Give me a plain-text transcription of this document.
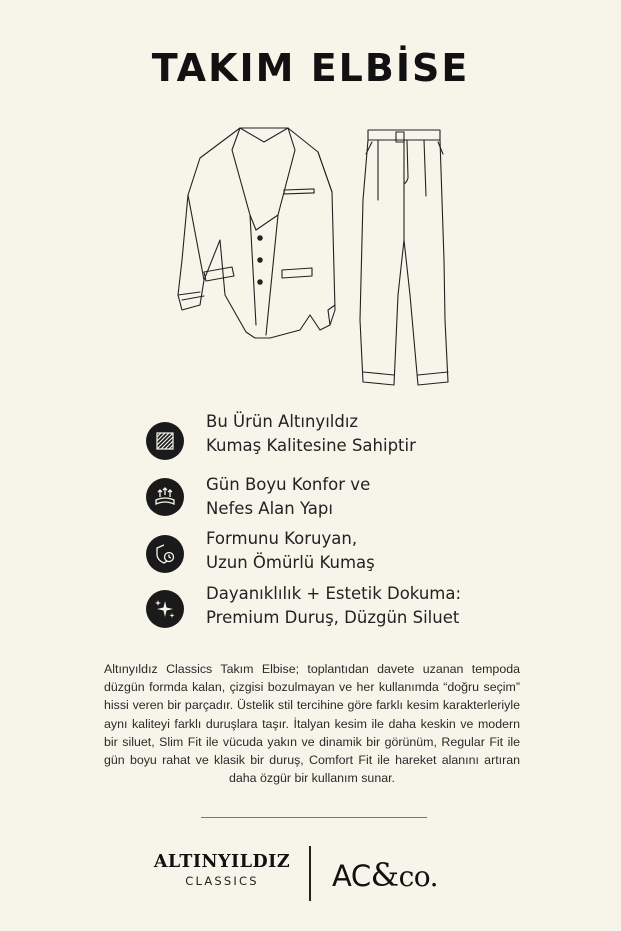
TAKIM ELBİSE
Bu Ürün Altınyıldız
Kumaş Kalitesine Sahiptir
Gün Boyu Konfor ve
Nefes Alan Yapı
Formunu Koruyan,
Uzun Ömürlü Kumaş
Dayanıklılık + Estetik Dokuma:
Premium Duruş, Düzgün Siluet
Altınyıldız Classics Takım Elbise; toplantıdan davete uzanan tempoda düzgün formda kalan, çizgisi bozulmayan ve her kullanımda “doğru seçim” hissi veren bir parçadır. Üstelik stil tercihine göre farklı kesim karakterleriyle aynı kaliteyi farklı duruşlara taşır. İtalyan kesim ile daha keskin ve modern bir siluet, Slim Fit ile vücuda yakın ve dinamik bir görünüm, Regular Fit ile gün boyu rahat ve klasik bir duruş, Comfort Fit ile hareket alanını artıran daha özgür bir kullanım sunar.
ALTINYILDIZ
CLASSICS	AC&co.
